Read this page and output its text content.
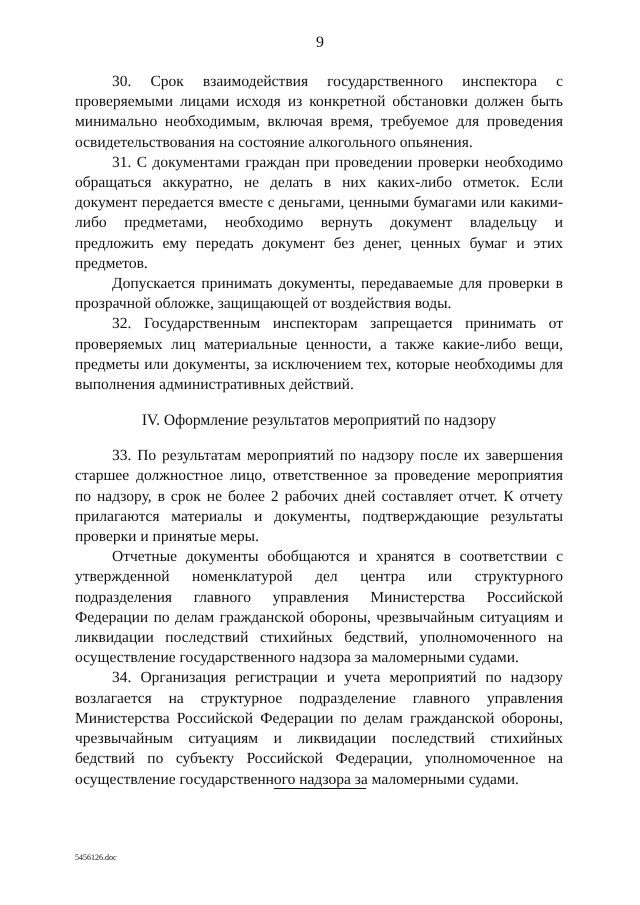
9

30. Срок взаимодействия государственного инспектора с проверяемыми лицами исходя из конкретной обстановки должен быть минимально необходимым, включая время, требуемое для проведения освидетельствования на состояние алкогольного опьянения.

31. С документами граждан при проведении проверки необходимо обращаться аккуратно, не делать в них каких-либо отметок. Если документ передается вместе с деньгами, ценными бумагами или какими-либо предметами, необходимо вернуть документ владельцу и предложить ему передать документ без денег, ценных бумаг и этих предметов.

Допускается принимать документы, передаваемые для проверки в прозрачной обложке, защищающей от воздействия воды.

32. Государственным инспекторам запрещается принимать от проверяемых лиц материальные ценности, а также какие-либо вещи, предметы или документы, за исключением тех, которые необходимы для выполнения административных действий.

IV. Оформление результатов мероприятий по надзору

33. По результатам мероприятий по надзору после их завершения старшее должностное лицо, ответственное за проведение мероприятия по надзору, в срок не более 2 рабочих дней составляет отчет. К отчету прилагаются материалы и документы, подтверждающие результаты проверки и принятые меры.

Отчетные документы обобщаются и хранятся в соответствии с утвержденной номенклатурой дел центра или структурного подразделения главного управления Министерства Российской Федерации по делам гражданской обороны, чрезвычайным ситуациям и ликвидации последствий стихийных бедствий, уполномоченного на осуществление государственного надзора за маломерными судами.

34. Организация регистрации и учета мероприятий по надзору возлагается на структурное подразделение главного управления Министерства Российской Федерации по делам гражданской обороны, чрезвычайным ситуациям и ликвидации последствий стихийных бедствий по субъекту Российской Федерации, уполномоченное на осуществление государственного надзора за маломерными судами.

5456126.doc
